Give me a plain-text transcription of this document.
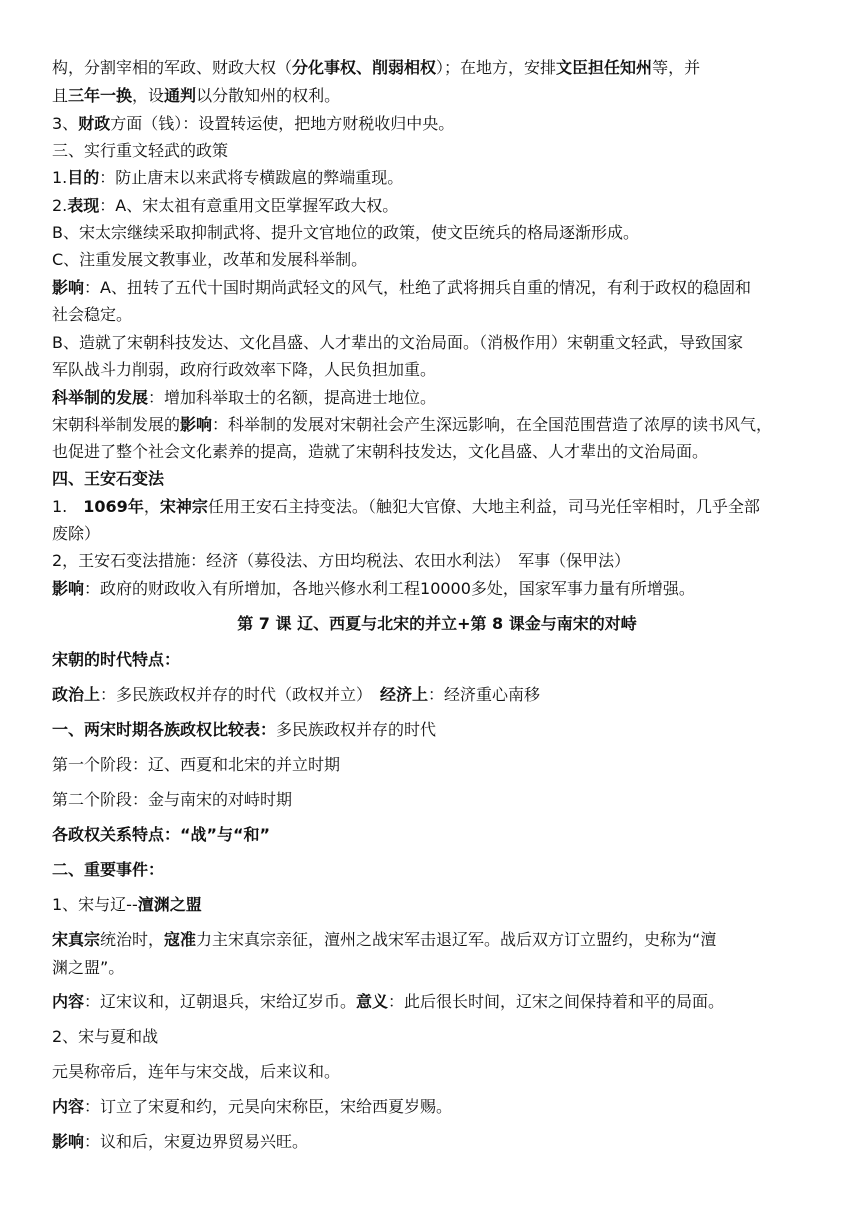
构，分割宰相的军政、财政大权（分化事权、削弱相权）；在地方，安排文臣担任知州等，并
且三年一换，设通判以分散知州的权利。
3、财政方面（钱）：设置转运使，把地方财税收归中央。
三、实行重文轻武的政策
1.目的：防止唐末以来武将专横跋扈的弊端重现。
2.表现：A、宋太祖有意重用文臣掌握军政大权。
B、宋太宗继续采取抑制武将、提升文官地位的政策，使文臣统兵的格局逐渐形成。
C、注重发展文教事业，改革和发展科举制。
影响：A、扭转了五代十国时期尚武轻文的风气，杜绝了武将拥兵自重的情况，有利于政权的稳固和
社会稳定。
B、造就了宋朝科技发达、文化昌盛、人才辈出的文治局面。（消极作用）宋朝重文轻武，导致国家
军队战斗力削弱，政府行政效率下降，人民负担加重。
科举制的发展：增加科举取士的名额，提高进士地位。
宋朝科举制发展的影响：科举制的发展对宋朝社会产生深远影响，在全国范围营造了浓厚的读书风气，
也促进了整个社会文化素养的提高，造就了宋朝科技发达，文化昌盛、人才辈出的文治局面。
四、王安石变法
1.　1069年，宋神宗任用王安石主持变法。（触犯大官僚、大地主利益，司马光任宰相时，几乎全部
废除）
2，王安石变法措施：经济（募役法、方田均税法、农田水利法）　军事（保甲法）
影响：政府的财政收入有所增加，各地兴修水利工程10000多处，国家军事力量有所增强。
第 7 课 辽、西夏与北宋的并立+第 8 课金与南宋的对峙
宋朝的时代特点：
政治上：多民族政权并存的时代（政权并立）　经济上：经济重心南移
一、两宋时期各族政权比较表：多民族政权并存的时代
第一个阶段：辽、西夏和北宋的并立时期
第二个阶段：金与南宋的对峙时期
各政权关系特点：“战”与“和”
二、重要事件：
1、宋与辽--澶渊之盟
宋真宗统治时，寇准力主宋真宗亲征，澶州之战宋军击退辽军。战后双方订立盟约，史称为“澶
渊之盟”。
内容：辽宋议和，辽朝退兵，宋给辽岁币。意义：此后很长时间，辽宋之间保持着和平的局面。
2、宋与夏和战
元昊称帝后，连年与宋交战，后来议和。
内容：订立了宋夏和约，元昊向宋称臣，宋给西夏岁赐。
影响：议和后，宋夏边界贸易兴旺。
